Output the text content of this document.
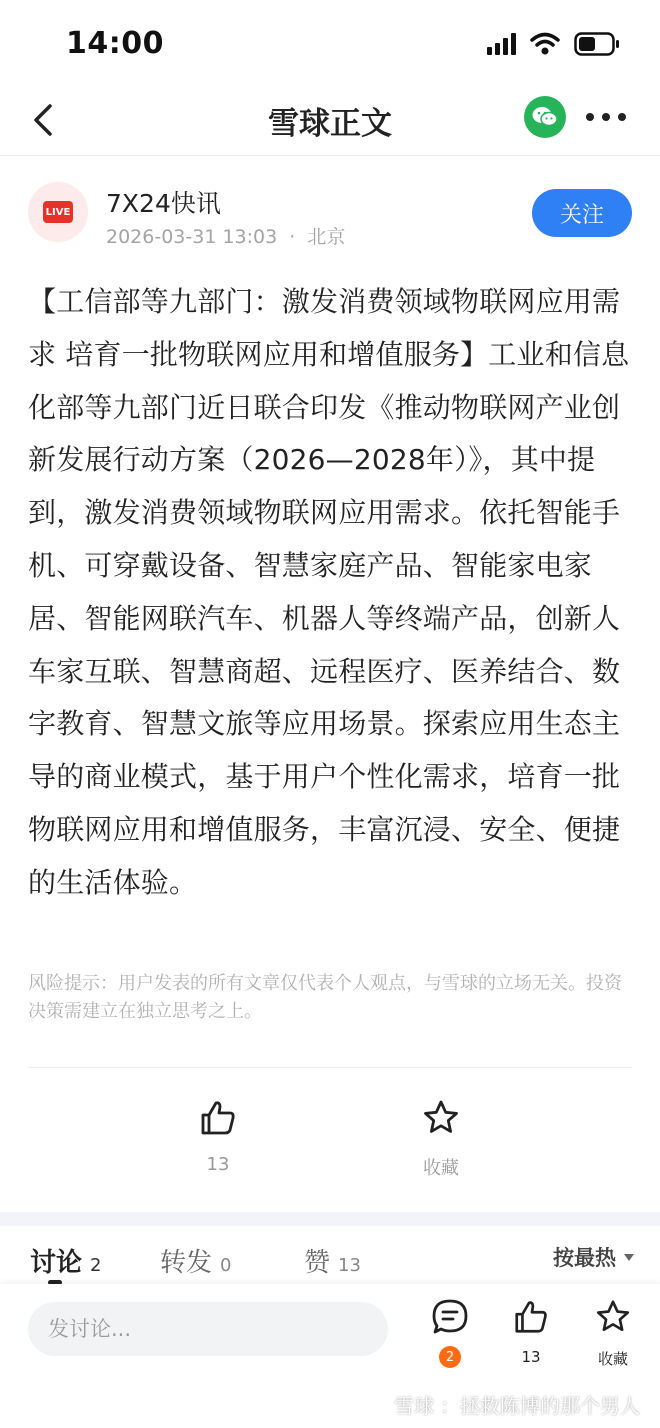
14:00
雪球正文
LIVE 7X24快讯
2026-03-31 13:03 · 北京
关注
【工信部等九部门：激发消费领域物联网应用需求 培育一批物联网应用和增值服务】工业和信息化部等九部门近日联合印发《推动物联网产业创新发展行动方案（2026—2028年）》，其中提到，激发消费领域物联网应用需求。依托智能手机、可穿戴设备、智慧家庭产品、智能家电家居、智能网联汽车、机器人等终端产品，创新人车家互联、智慧商超、远程医疗、医养结合、数字教育、智慧文旅等应用场景。探索应用生态主导的商业模式，基于用户个性化需求，培育一批物联网应用和增值服务，丰富沉浸、安全、便捷的生活体验。
风险提示：用户发表的所有文章仅代表个人观点，与雪球的立场无关。投资决策需建立在独立思考之上。
13	收藏
讨论 2 转发 0	赞 13	按最热
发讨论...
2	13	收藏
雪球 ：拯救陈博的那个男人
